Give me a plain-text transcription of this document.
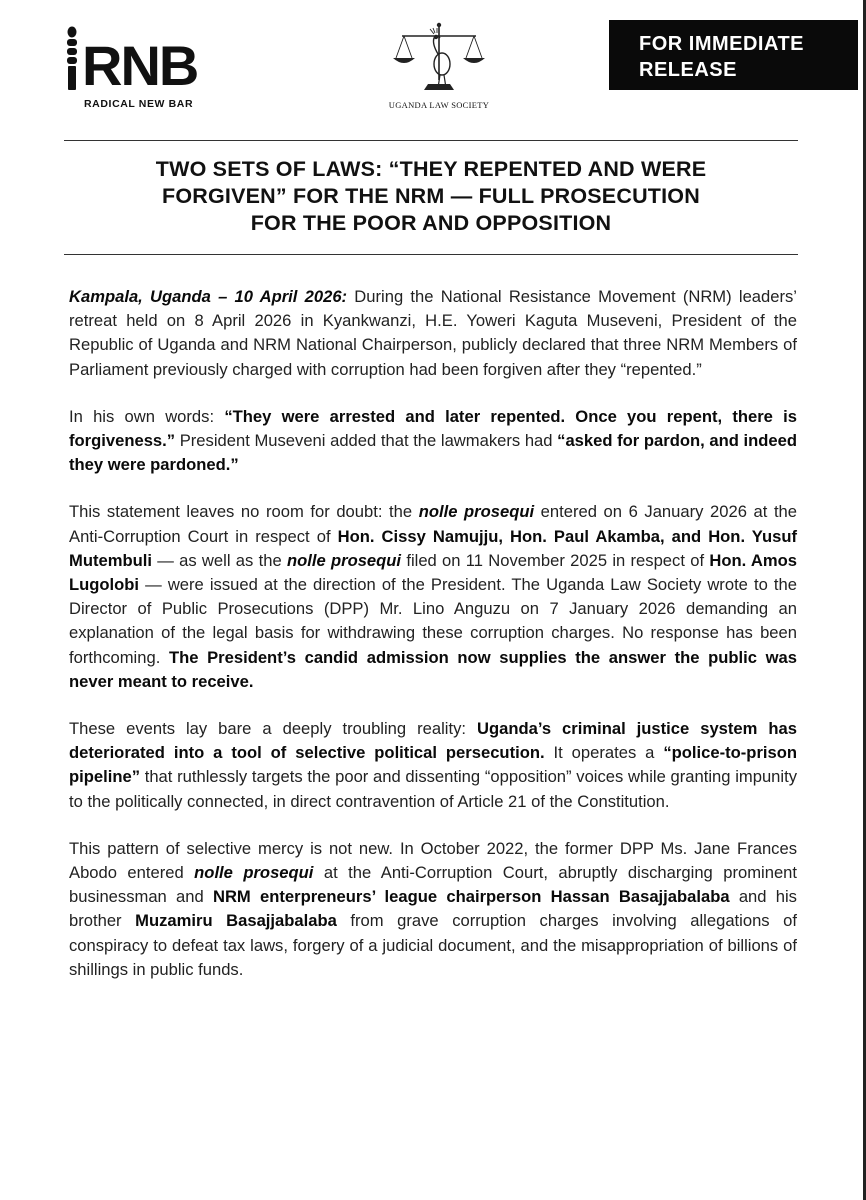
RNB
RADICAL NEW BAR	UGANDA LAW SOCIETY
FOR IMMEDIATE
RELEASE
TWO SETS OF LAWS: “THEY REPENTED AND WERE
FORGIVEN” FOR THE NRM — FULL PROSECUTION
FOR THE POOR AND OPPOSITION

Kampala, Uganda – 10 April 2026: During the National Resistance Movement (NRM) leaders’ retreat held on 8 April 2026 in Kyankwanzi, H.E. Yoweri Kaguta Museveni, President of the Republic of Uganda and NRM National Chairperson, publicly declared that three NRM Members of Parliament previously charged with corruption had been forgiven after they “repented.”

In his own words: “They were arrested and later repented. Once you repent, there is forgiveness.” President Museveni added that the lawmakers had “asked for pardon, and indeed they were pardoned.”

This statement leaves no room for doubt: the nolle prosequi entered on 6 January 2026 at the Anti-Corruption Court in respect of Hon. Cissy Namujju, Hon. Paul Akamba, and Hon. Yusuf Mutembuli — as well as the nolle prosequi filed on 11 November 2025 in respect of Hon. Amos Lugolobi — were issued at the direction of the President. The Uganda Law Society wrote to the Director of Public Prosecutions (DPP) Mr. Lino Anguzu on 7 January 2026 demanding an explanation of the legal basis for withdrawing these corruption charges. No response has been forthcoming. The President’s candid admission now supplies the answer the public was never meant to receive.

These events lay bare a deeply troubling reality: Uganda’s criminal justice system has deteriorated into a tool of selective political persecution. It operates a “police-to-prison pipeline” that ruthlessly targets the poor and dissenting “opposition” voices while granting impunity to the politically connected, in direct contravention of Article 21 of the Constitution.

This pattern of selective mercy is not new. In October 2022, the former DPP Ms. Jane Frances Abodo entered nolle prosequi at the Anti-Corruption Court, abruptly discharging prominent businessman and NRM enterpreneurs’ league chairperson Hassan Basajjabalaba and his brother Muzamiru Basajjabalaba from grave corruption charges involving allegations of conspiracy to defeat tax laws, forgery of a judicial document, and the misappropriation of billions of shillings in public funds.
